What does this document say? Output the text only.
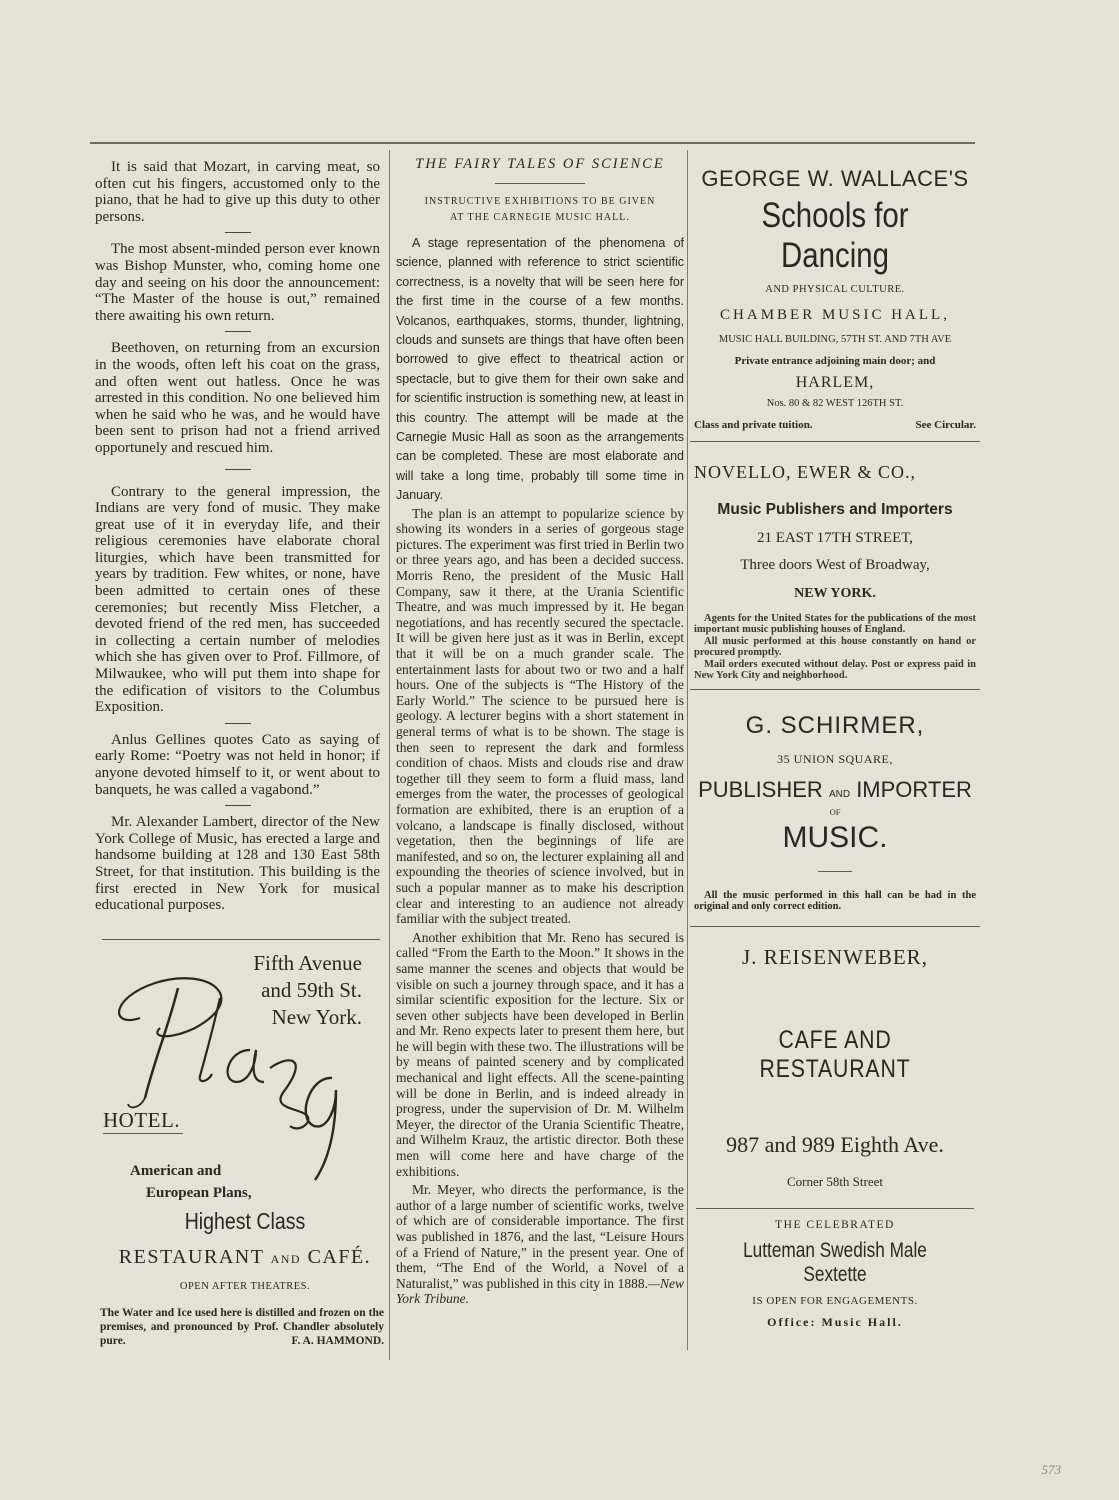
It is said that Mozart, in carving meat, so often cut his fingers, accustomed only to the piano, that he had to give up this duty to other persons.

The most absent-minded person ever known was Bishop Munster, who, coming home one day and seeing on his door the announcement: “The Master of the house is out,” remained there awaiting his own return.

Beethoven, on returning from an excursion in the woods, often left his coat on the grass, and often went out hatless. Once he was arrested in this condition. No one believed him when he said who he was, and he would have been sent to prison had not a friend arrived opportunely and rescued him.

Contrary to the general impression, the Indians are very fond of music. They make great use of it in everyday life, and their religious ceremonies have elaborate choral liturgies, which have been transmitted for years by tradition. Few whites, or none, have been admitted to certain ones of these ceremonies; but recently Miss Fletcher, a devoted friend of the red men, has succeeded in collecting a certain number of melodies which she has given over to Prof. Fillmore, of Milwaukee, who will put them into shape for the edification of visitors to the Columbus Exposition.

Anlus Gellines quotes Cato as saying of early Rome: “Poetry was not held in honor; if anyone devoted himself to it, or went about to banquets, he was called a vagabond.”

Mr. Alexander Lambert, director of the New York College of Music, has erected a large and handsome building at 128 and 130 East 58th Street, for that institution. This building is the first erected in New York for musical educational purposes.

Fifth Avenue
and 59th St.
New York.
HOTEL.
American and
European Plans,
Highest Class
RESTAURANT AND CAFÉ.
OPEN AFTER THEATRES.
The Water and Ice used here is distilled and frozen on the premises, and pronounced by Prof. Chandler absolutely pure.	F. A. HAMMOND.
THE FAIRY TALES OF SCIENCE
INSTRUCTIVE EXHIBITIONS TO BE GIVEN
AT THE CARNEGIE MUSIC HALL.

A stage representation of the phenomena of science, planned with reference to strict scientific correctness, is a novelty that will be seen here for the first time in the course of a few months. Volcanos, earthquakes, storms, thunder, lightning, clouds and sunsets are things that have often been borrowed to give effect to theatrical action or spectacle, but to give them for their own sake and for scientific instruction is something new, at least in this country. The attempt will be made at the Carnegie Music Hall as soon as the arrangements can be completed. These are most elaborate and will take a long time, probably till some time in January.

The plan is an attempt to popularize science by showing its wonders in a series of gorgeous stage pictures. The experiment was first tried in Berlin two or three years ago, and has been a decided success. Morris Reno, the president of the Music Hall Company, saw it there, at the Urania Scientific Theatre, and was much impressed by it. He began negotiations, and has recently secured the spectacle. It will be given here just as it was in Berlin, except that it will be on a much grander scale. The entertainment lasts for about two or two and a half hours. One of the subjects is “The History of the Early World.” The science to be pursued here is geology. A lecturer begins with a short statement in general terms of what is to be shown. The stage is then seen to represent the dark and formless condition of chaos. Mists and clouds rise and draw together till they seem to form a fluid mass, land emerges from the water, the processes of geological formation are exhibited, there is an eruption of a volcano, a landscape is finally disclosed, without vegetation, then the beginnings of life are manifested, and so on, the lecturer explaining all and expounding the theories of science involved, but in such a popular manner as to make his description clear and interesting to an audience not already familiar with the subject treated.

Another exhibition that Mr. Reno has secured is called “From the Earth to the Moon.” It shows in the same manner the scenes and objects that would be visible on such a journey through space, and it has a similar scientific exposition for the lecture. Six or seven other subjects have been developed in Berlin and Mr. Reno expects later to present them here, but he will begin with these two. The illustrations will be by means of painted scenery and by complicated mechanical and light effects. All the scene-painting will be done in Berlin, and is indeed already in progress, under the supervision of Dr. M. Wilhelm Meyer, the director of the Urania Scientific Theatre, and Wilhelm Krauz, the artistic director. Both these men will come here and have charge of the exhibitions.

Mr. Meyer, who directs the performance, is the author of a large number of scientific works, twelve of which are of considerable importance. The first was published in 1876, and the last, “Leisure Hours of a Friend of Nature,” in the present year. One of them, “The End of the World, a Novel of a Naturalist,” was published in this city in 1888.—New York Tribune.

GEORGE W. WALLACE'S
Schools for Dancing
AND PHYSICAL CULTURE.
CHAMBER MUSIC HALL,
MUSIC HALL BUILDING, 57TH ST. AND 7TH AVE
Private entrance adjoining main door; and
HARLEM,
Nos. 80 & 82 WEST 126TH ST.
Class and private tuition.	See Circular.
NOVELLO, EWER & CO.,
Music Publishers and Importers
21 EAST 17TH STREET,
Three doors West of Broadway,
NEW YORK.
Agents for the United States for the publications of the most important music publishing houses of England.
All music performed at this house constantly on hand or procured promptly.
Mail orders executed without delay. Post or express paid in New York City and neighborhood.
G. SCHIRMER,
35 UNION SQUARE,
PUBLISHER AND IMPORTER
OF
MUSIC.
All the music performed in this hall can be had in the original and only correct edition.
J. REISENWEBER,
CAFE AND RESTAURANT
987 and 989 Eighth Ave.
Corner 58th Street
THE CELEBRATED
Lutteman Swedish Male Sextette
IS OPEN FOR ENGAGEMENTS.
Office: Music Hall.
573
